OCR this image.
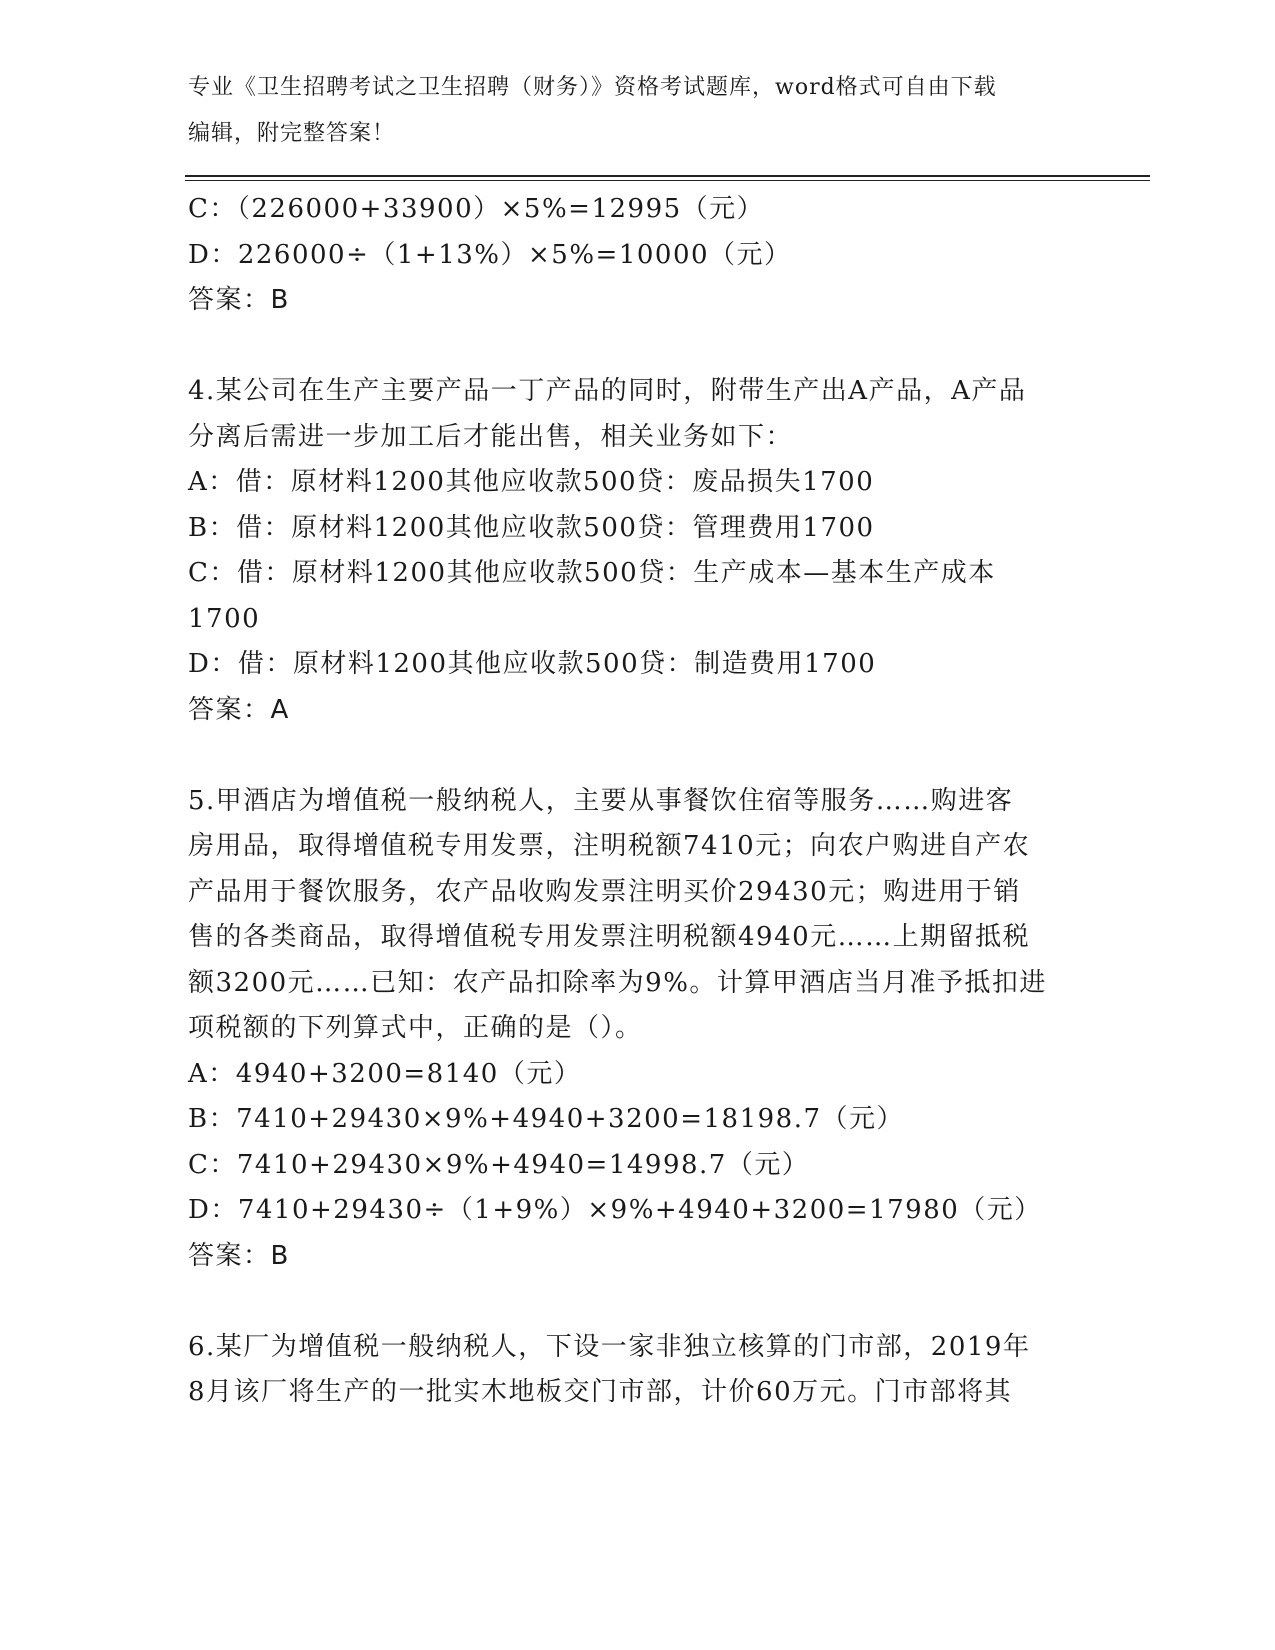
专业《卫生招聘考试之卫生招聘（财务）》资格考试题库，word格式可自由下载
编辑，附完整答案！
C：（226000+33900）×5%=12995（元）
D：226000÷（1+13%）×5%=10000（元）
答案：B
4.某公司在生产主要产品一丁产品的同时，附带生产出A产品，A产品
分离后需进一步加工后才能出售，相关业务如下：
A：借：原材料1200其他应收款500贷：废品损失1700
B：借：原材料1200其他应收款500贷：管理费用1700
C：借：原材料1200其他应收款500贷：生产成本—基本生产成本
1700
D：借：原材料1200其他应收款500贷：制造费用1700
答案：A
5.甲酒店为增值税一般纳税人，主要从事餐饮住宿等服务……购进客
房用品，取得增值税专用发票，注明税额7410元；向农户购进自产农
产品用于餐饮服务，农产品收购发票注明买价29430元；购进用于销
售的各类商品，取得增值税专用发票注明税额4940元……上期留抵税
额3200元……已知：农产品扣除率为9%。计算甲酒店当月准予抵扣进
项税额的下列算式中，正确的是（）。
A：4940+3200=8140（元）
B：7410+29430×9%+4940+3200=18198.7（元）
C：7410+29430×9%+4940=14998.7（元）
D：7410+29430÷（1+9%）×9%+4940+3200=17980（元）
答案：B
6.某厂为增值税一般纳税人，下设一家非独立核算的门市部，2019年
8月该厂将生产的一批实木地板交门市部，计价60万元。门市部将其
